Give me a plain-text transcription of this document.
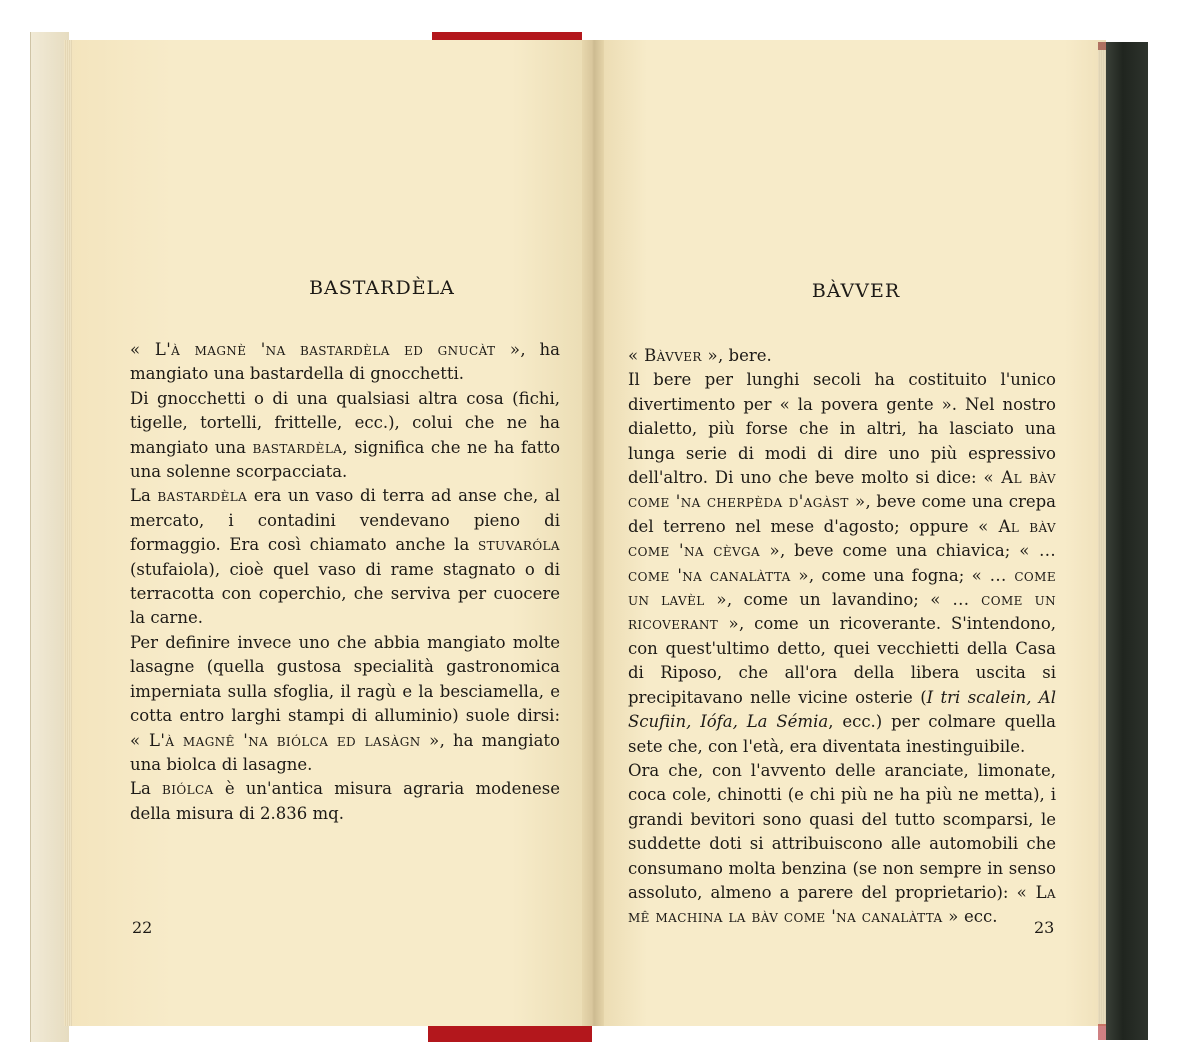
BASTARDÈLA

« L'à magnè 'na bastardèla ed gnucàt », ha mangiato una bastardella di gnocchetti.

Di gnocchetti o di una qualsiasi altra cosa (fichi, tigelle, tortelli, frittelle, ecc.), colui che ne ha mangiato una bastardèla, significa che ne ha fatto una solenne scorpacciata.

La bastardèla era un vaso di terra ad anse che, al mercato, i contadini vendevano pieno di formaggio. Era così chiamato anche la stuvaróla (stufaiola), cioè quel vaso di rame stagnato o di terracotta con coperchio, che serviva per cuocere la carne.

Per definire invece uno che abbia mangiato molte lasagne (quella gustosa specialità gastronomica imperniata sulla sfoglia, il ragù e la besciamella, e cotta entro larghi stampi di alluminio) suole dirsi: « L'à magnê 'na biólca ed lasàgn », ha mangiato una biolca di lasagne.

La biólca è un'antica misura agraria modenese della misura di 2.836 mq.

22
BÀVVER

« Bàvver », bere.

Il bere per lunghi secoli ha costituito l'unico divertimento per « la povera gente ». Nel nostro dialetto, più forse che in altri, ha lasciato una lunga serie di modi di dire uno più espressivo dell'altro. Di uno che beve molto si dice: « Al bàv come 'na cherpèda d'agàst », beve come una crepa del terreno nel mese d'agosto; oppure « Al bàv come 'na cèvga », beve come una chiavica; « ... come 'na canalàtta », come una fogna; « ... come un lavèl », come un lavandino; « ... come un ricoverant », come un ricoverante. S'intendono, con quest'ultimo detto, quei vecchietti della Casa di Riposo, che all'ora della libera uscita si precipitavano nelle vicine osterie (I tri scalein, Al Scufiin, Iófa, La Sémia, ecc.) per colmare quella sete che, con l'età, era diventata inestinguibile.

Ora che, con l'avvento delle aranciate, limonate, coca cole, chinotti (e chi più ne ha più ne metta), i grandi bevitori sono quasi del tutto scomparsi, le suddette doti si attribuiscono alle automobili che consumano molta benzina (se non sempre in senso assoluto, almeno a parere del proprietario): « La mê machina la bàv come 'na canalàtta » ecc.

23
